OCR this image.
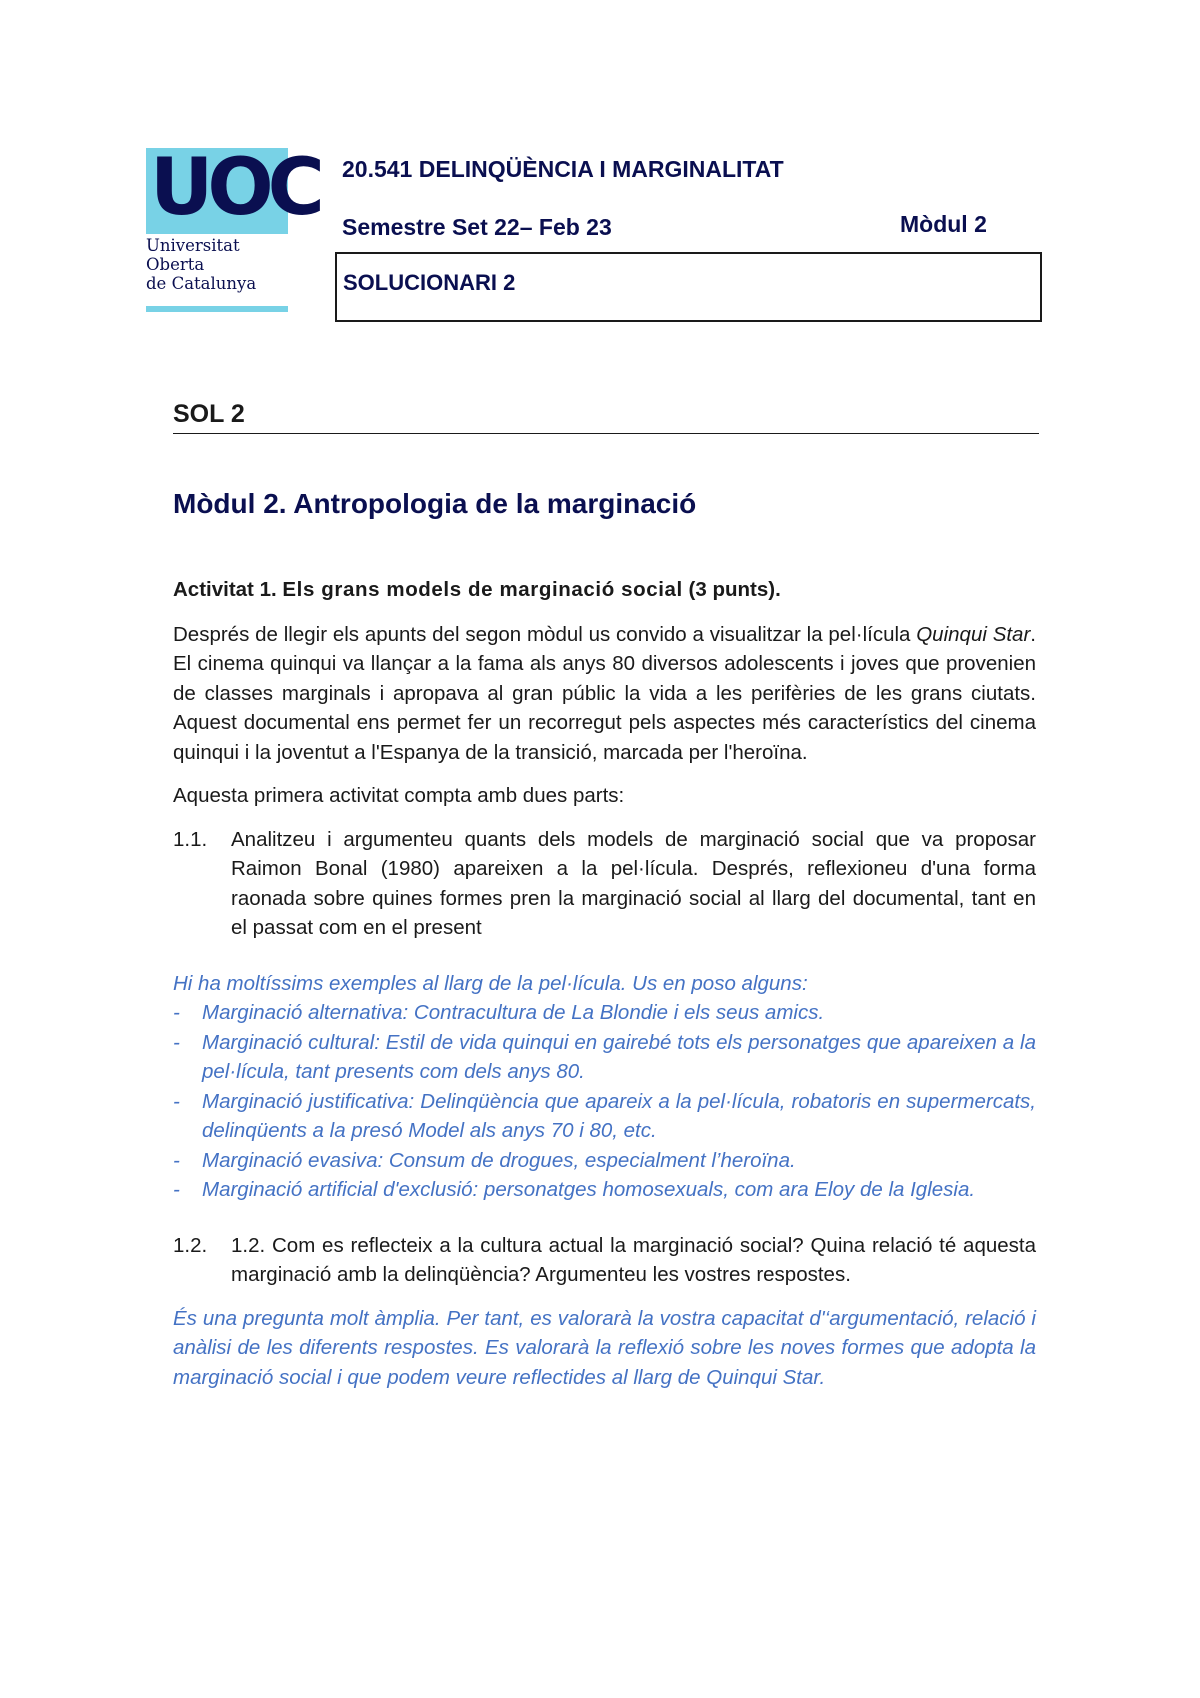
UOC
Universitat
Oberta
de Catalunya
20.541 DELINQÜÈNCIA I MARGINALITAT
Semestre Set 22– Feb 23	Mòdul 2
SOLUCIONARI 2
SOL 2
Mòdul 2. Antropologia de la marginació
Activitat 1. Els grans models de marginació social (3 punts).

Després de llegir els apunts del segon mòdul us convido a visualitzar la pel·lícula Quinqui Star. El cinema quinqui va llançar a la fama als anys 80 diversos adolescents i joves que provenien de classes marginals i apropava al gran públic la vida a les perifèries de les grans ciutats. Aquest documental ens permet fer un recorregut pels aspectes més característics del cinema quinqui i la joventut a l'Espanya de la transició, marcada per l'heroïna.

Aquesta primera activitat compta amb dues parts:

1.1.	Analitzeu i argumenteu quants dels models de marginació social que va proposar Raimon Bonal (1980) apareixen a la pel·lícula. Després, reflexioneu d'una forma raonada sobre quines formes pren la marginació social al llarg del documental, tant en el passat com en el present
Hi ha moltíssims exemples al llarg de la pel·lícula. Us en poso alguns:
-	Marginació alternativa: Contracultura de La Blondie i els seus amics.
-	Marginació cultural: Estil de vida quinqui en gairebé tots els personatges que apareixen a la pel·lícula, tant presents com dels anys 80.
-	Marginació justificativa: Delinqüència que apareix a la pel·lícula, robatoris en supermercats, delinqüents a la presó Model als anys 70 i 80, etc.
-	Marginació evasiva: Consum de drogues, especialment l’heroïna.
-	Marginació artificial d'exclusió: personatges homosexuals, com ara Eloy de la Iglesia.
1.2.	1.2. Com es reflecteix a la cultura actual la marginació social? Quina relació té aquesta marginació amb la delinqüència? Argumenteu les vostres respostes.

És una pregunta molt àmplia. Per tant, es valorarà la vostra capacitat d'‘argumentació, relació i anàlisi de les diferents respostes. Es valorarà la reflexió sobre les noves formes que adopta la marginació social i que podem veure reflectides al llarg de Quinqui Star.
